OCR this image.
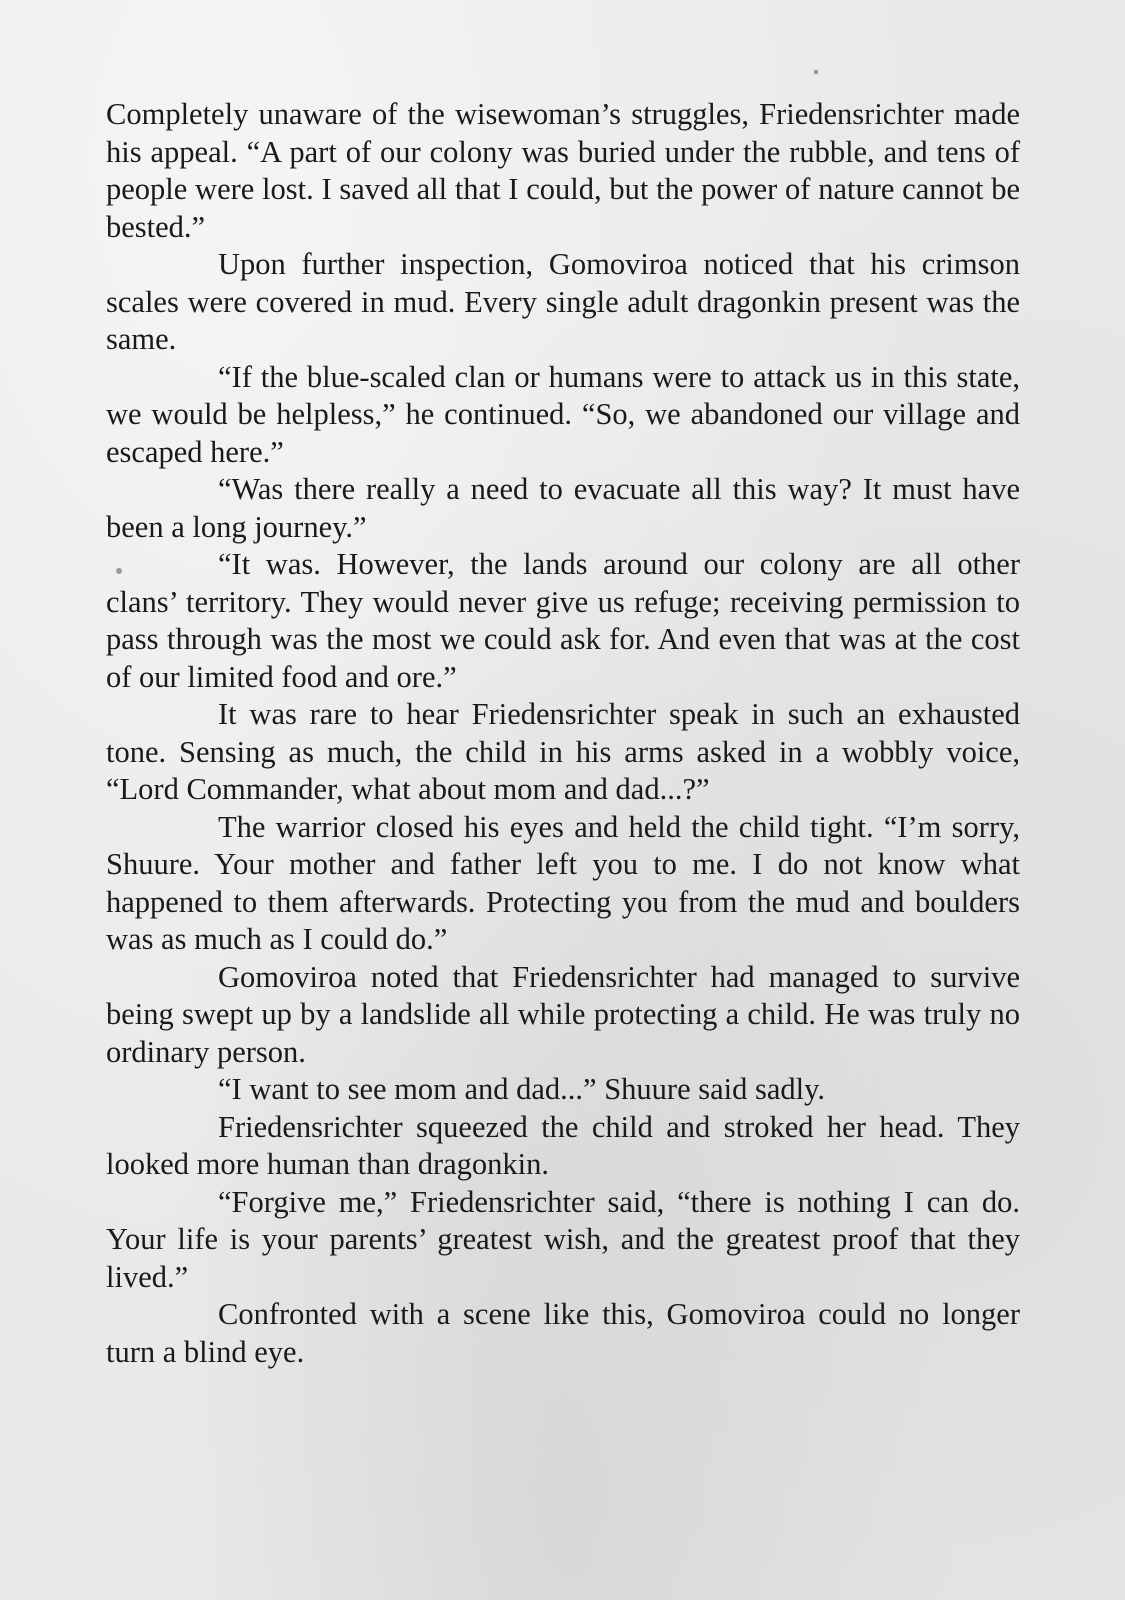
Completely unaware of the wisewoman’s struggles, Friedensrichter made his appeal. “A part of our colony was buried under the rubble, and tens of people were lost. I saved all that I could, but the power of nature cannot be bested.”

Upon further inspection, Gomoviroa noticed that his crimson scales were covered in mud. Every single adult dragonkin present was the same.

“If the blue-scaled clan or humans were to attack us in this state, we would be helpless,” he continued. “So, we abandoned our village and escaped here.”

“Was there really a need to evacuate all this way? It must have been a long journey.”

“It was. However, the lands around our colony are all other clans’ territory. They would never give us refuge; receiving permission to pass through was the most we could ask for. And even that was at the cost of our limited food and ore.”

It was rare to hear Friedensrichter speak in such an exhausted tone. Sensing as much, the child in his arms asked in a wobbly voice, “Lord Commander, what about mom and dad...?”

The warrior closed his eyes and held the child tight. “I’m sorry, Shuure. Your mother and father left you to me. I do not know what happened to them afterwards. Protecting you from the mud and boulders was as much as I could do.”

Gomoviroa noted that Friedensrichter had managed to survive being swept up by a landslide all while protecting a child. He was truly no ordinary person.

“I want to see mom and dad...” Shuure said sadly.

Friedensrichter squeezed the child and stroked her head. They looked more human than dragonkin.

“Forgive me,” Friedensrichter said, “there is nothing I can do. Your life is your parents’ greatest wish, and the greatest proof that they lived.”

Confronted with a scene like this, Gomoviroa could no longer turn a blind eye.
